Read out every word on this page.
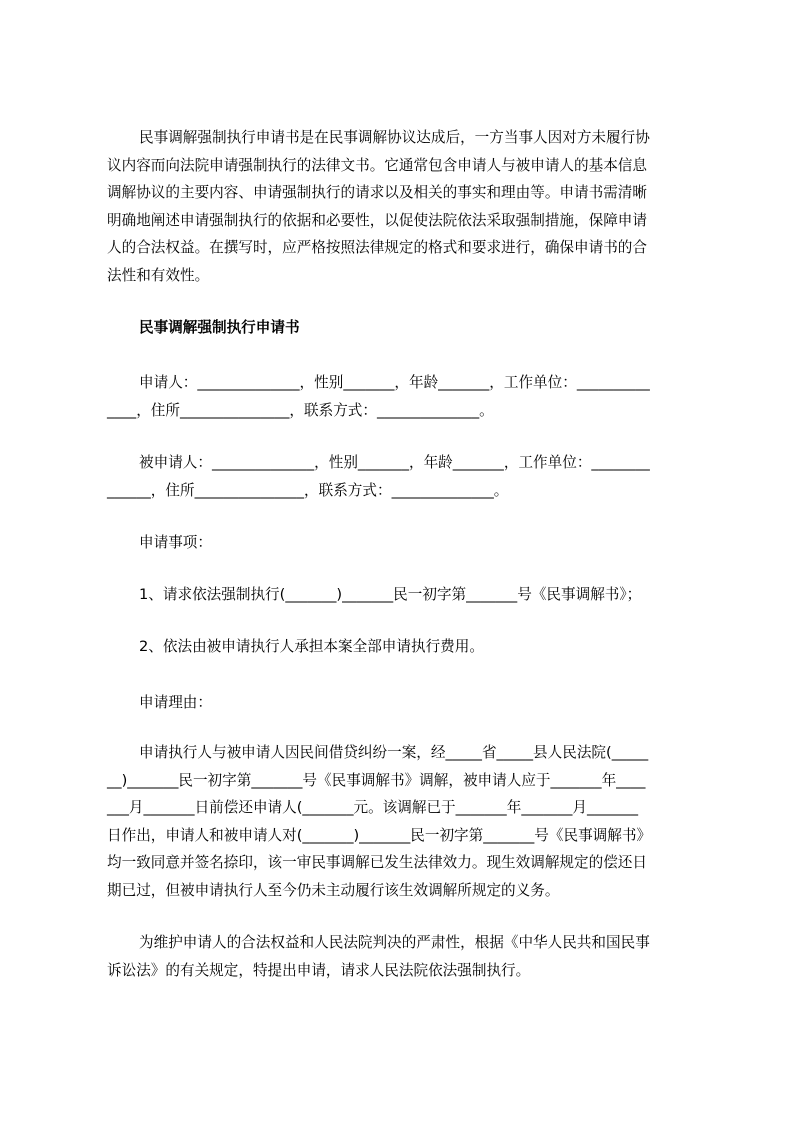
民事调解强制执行申请书是在民事调解协议达成后，一方当事人因对方未履行协
议内容而向法院申请强制执行的法律文书。它通常包含申请人与被申请人的基本信息
调解协议的主要内容、申请强制执行的请求以及相关的事实和理由等。申请书需清晰
明确地阐述申请强制执行的依据和必要性，以促使法院依法采取强制措施，保障申请
人的合法权益。在撰写时，应严格按照法律规定的格式和要求进行，确保申请书的合
法性和有效性。
民事调解强制执行申请书
申请人：______________，性别_______，年龄_______，工作单位：__________
____，住所_______________，联系方式：______________。
被申请人：______________，性别_______，年龄_______，工作单位：________
______，住所_______________，联系方式：______________。
申请事项：
1、请求依法强制执行(_______)_______民一初字第_______号《民事调解书》；
2、依法由被申请执行人承担本案全部申请执行费用。
申请理由：
申请执行人与被申请人因民间借贷纠纷一案，经_____省_____县人民法院(_____
__)_______民一初字第_______号《民事调解书》调解，被申请人应于_______年____
___月_______日前偿还申请人(_______元。该调解已于_______年_______月_______
日作出，申请人和被申请人对(_______)_______民一初字第_______号《民事调解书》
均一致同意并签名捺印，该一审民事调解已发生法律效力。现生效调解规定的偿还日
期已过，但被申请执行人至今仍未主动履行该生效调解所规定的义务。
为维护申请人的合法权益和人民法院判决的严肃性，根据《中华人民共和国民事
诉讼法》的有关规定，特提出申请，请求人民法院依法强制执行。
